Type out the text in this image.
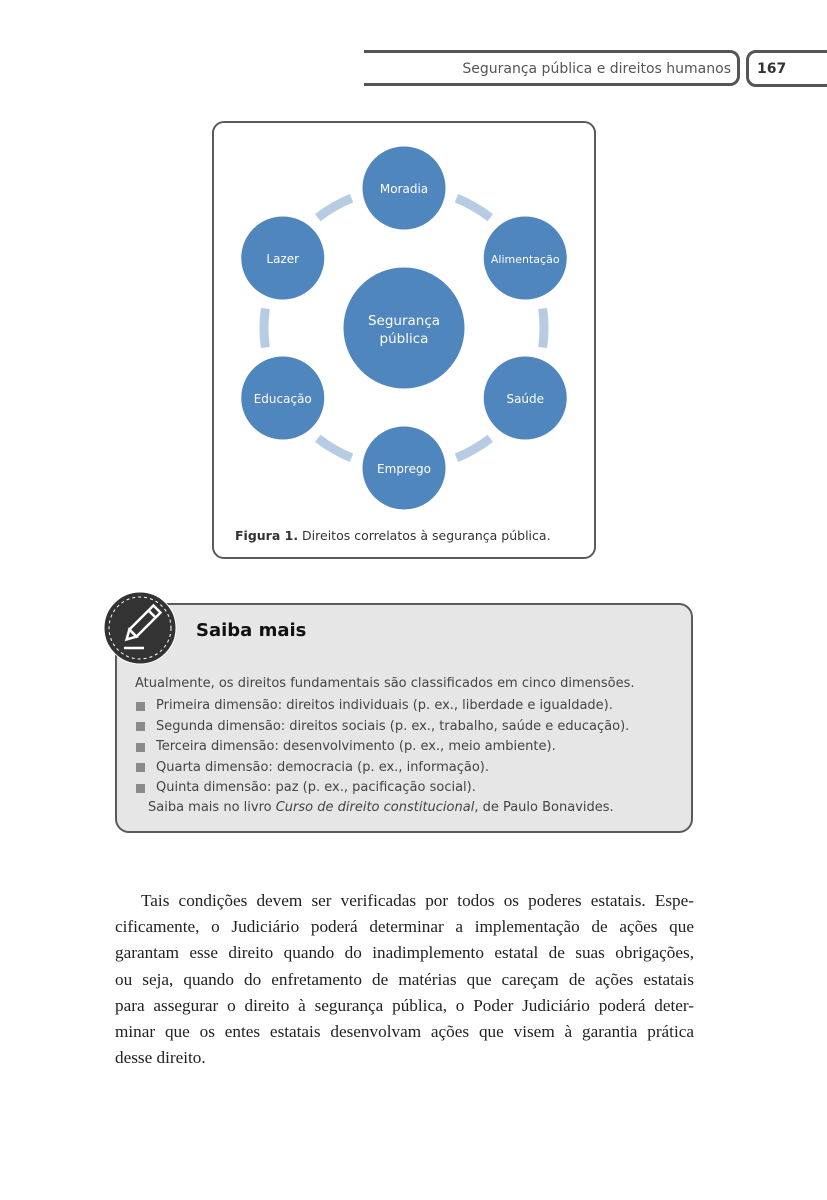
Segurança pública e direitos humanos 167
Segurança
pública
Moradia
Alimentação
Saúde
Emprego
Educação
Lazer
Figura 1. Direitos correlatos à segurança pública.
Saiba mais
Atualmente, os direitos fundamentais são classificados em cinco dimensões.
Primeira dimensão: direitos individuais (p. ex., liberdade e igualdade).
Segunda dimensão: direitos sociais (p. ex., trabalho, saúde e educação).
Terceira dimensão: desenvolvimento (p. ex., meio ambiente).
Quarta dimensão: democracia (p. ex., informação).
Quinta dimensão: paz (p. ex., pacificação social).
Saiba mais no livro Curso de direito constitucional, de Paulo Bonavides.
Tais condições devem ser verificadas por todos os poderes estatais. Espe-
cificamente, o Judiciário poderá determinar a implementação de ações que
garantam esse direito quando do inadimplemento estatal de suas obrigações,
ou seja, quando do enfretamento de matérias que careçam de ações estatais
para assegurar o direito à segurança pública, o Poder Judiciário poderá deter-
minar que os entes estatais desenvolvam ações que visem à garantia prática
desse direito.
